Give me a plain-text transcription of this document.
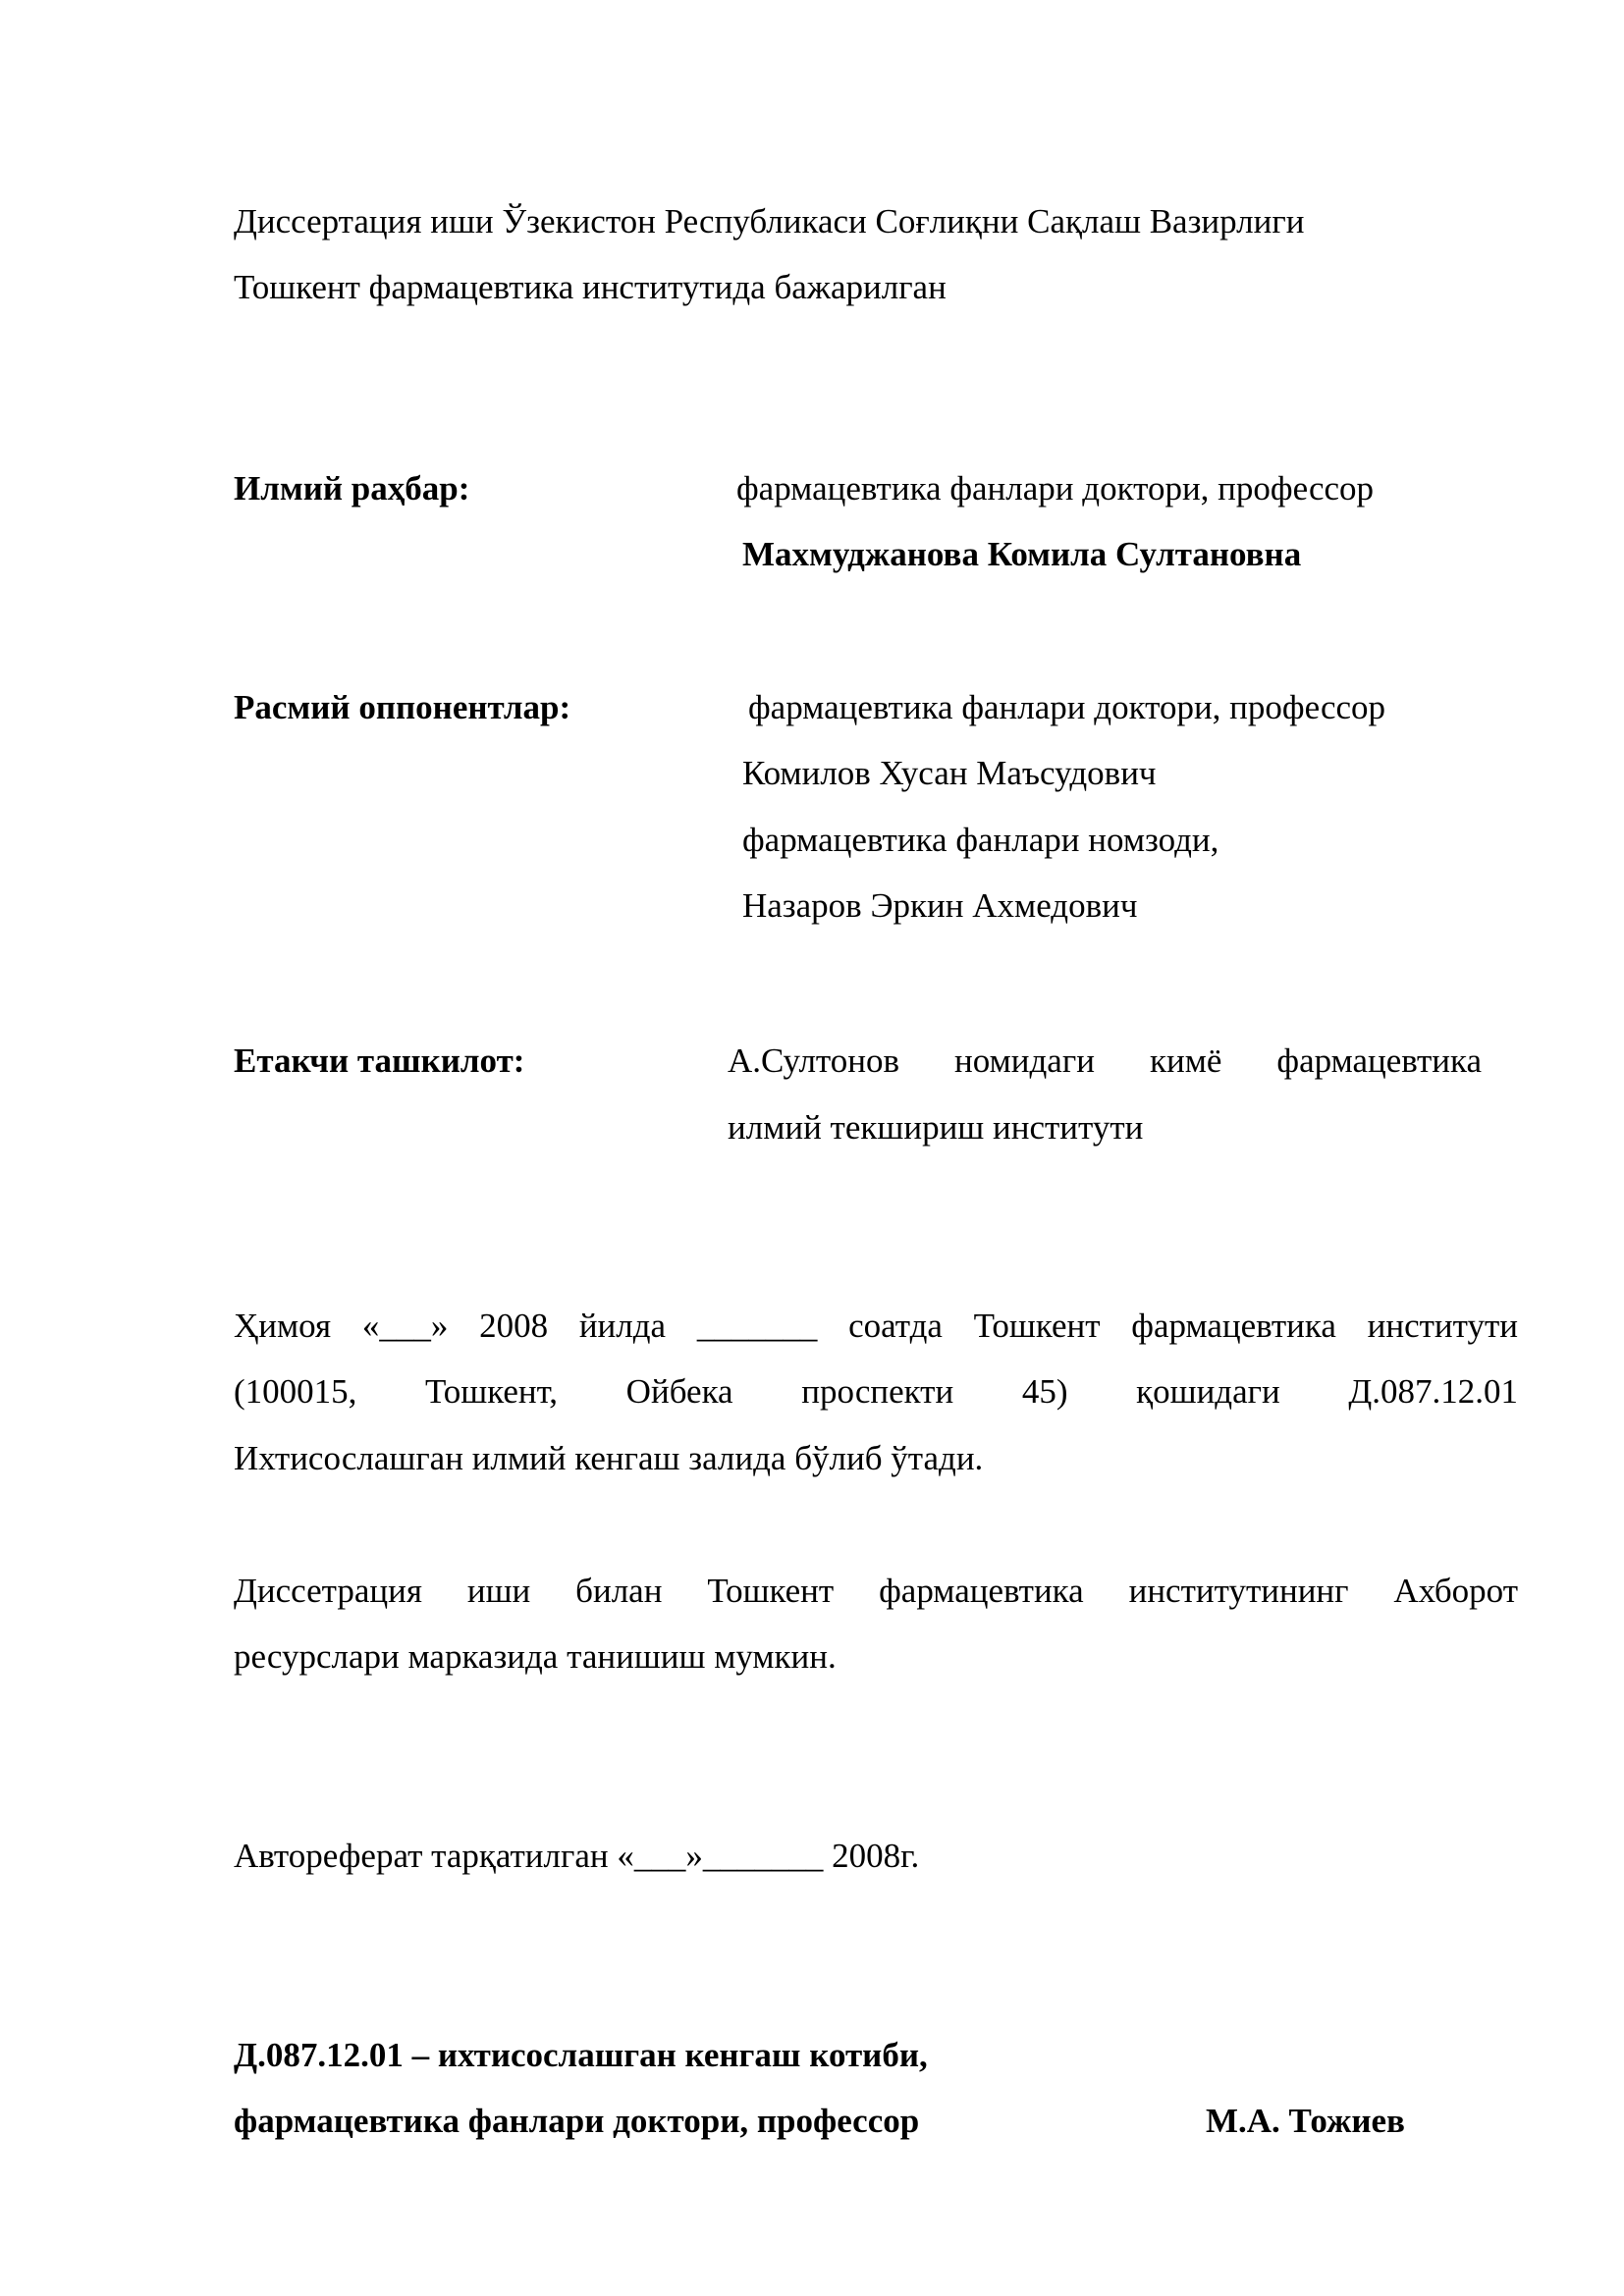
Диссертация иши Ўзекистон Республикаси Соғлиқни Сақлаш Вазирлиги
Тошкент фармацевтика институтида бажарилган
Илмий раҳбар:	фармацевтика фанлари доктори, профессор
Махмуджанова Комила Султановна
Расмий оппонентлар:	фармацевтика фанлари доктори, профессор
Комилов Хусан Маъсудович
фармацевтика фанлари номзоди,
Назаров Эркин Ахмедович
Етакчи ташкилот:	А.Султонов номидаги кимё фармацевтика
илмий текшириш институти
Ҳимоя «___» 2008 йилда _______ соатда Тошкент фармацевтика институти
(100015, Тошкент, Ойбека проспекти 45) қошидаги Д.087.12.01
Ихтисослашган илмий кенгаш залида бўлиб ўтади.
Диссетрация иши билан Тошкент фармацевтика институтининг Ахборот
ресурслари марказида танишиш мумкин.
Автореферат тарқатилган «___»_______ 2008г.
Д.087.12.01 – ихтисослашган кенгаш котиби,
фармацевтика фанлари доктори, профессор	М.А. Тожиев
